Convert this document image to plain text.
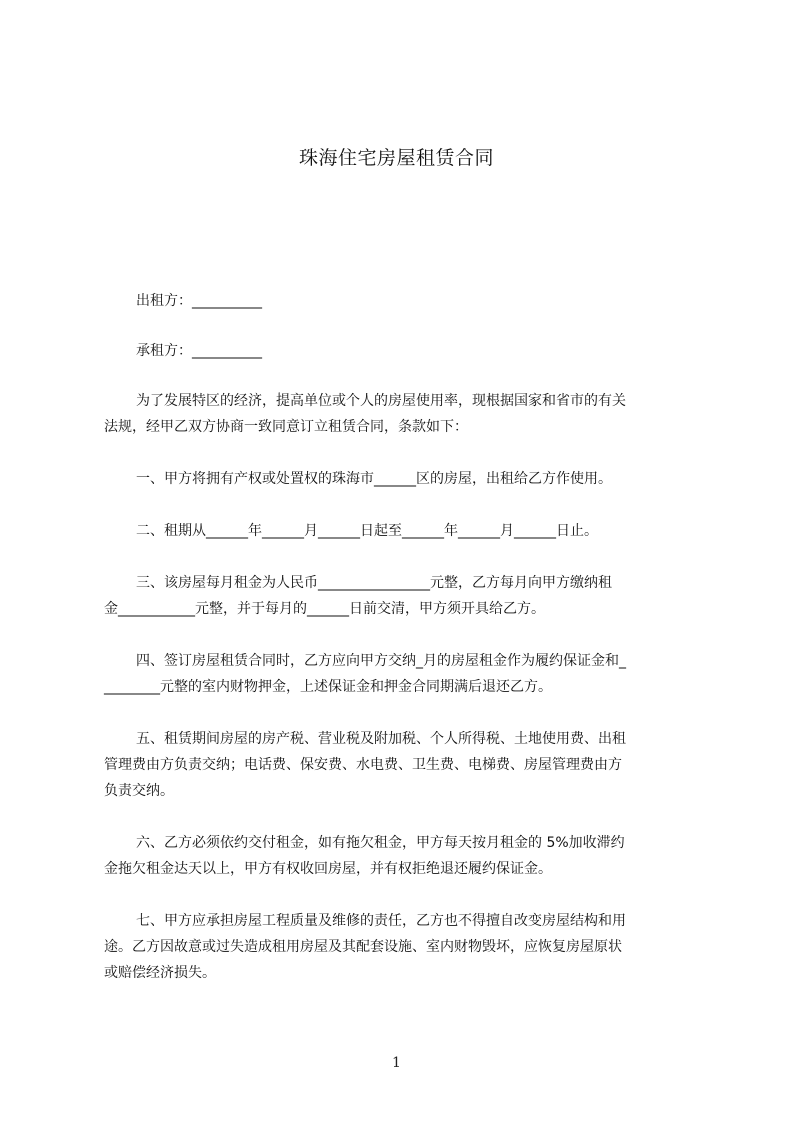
珠海住宅房屋租赁合同

出租方：__________

承租方：__________

为了发展特区的经济，提高单位或个人的房屋使用率，现根据国家和省市的有关

法规，经甲乙双方协商一致同意订立租赁合同，条款如下：

一、甲方将拥有产权或处置权的珠海市______区的房屋，出租给乙方作使用。

二、租期从______年______月______日起至______年______月______日止。

三、该房屋每月租金为人民币________________元整，乙方每月向甲方缴纳租

金___________元整，并于每月的______日前交清，甲方须开具给乙方。

四、签订房屋租赁合同时，乙方应向甲方交纳_月的房屋租金作为履约保证金和_

________元整的室内财物押金，上述保证金和押金合同期满后退还乙方。

五、租赁期间房屋的房产税、营业税及附加税、个人所得税、土地使用费、出租

管理费由方负责交纳；电话费、保安费、水电费、卫生费、电梯费、房屋管理费由方

负责交纳。

六、乙方必须依约交付租金，如有拖欠租金，甲方每天按月租金的 5%加收滞约

金拖欠租金达天以上，甲方有权收回房屋，并有权拒绝退还履约保证金。

七、甲方应承担房屋工程质量及维修的责任，乙方也不得擅自改变房屋结构和用

途。乙方因故意或过失造成租用房屋及其配套设施、室内财物毁坏，应恢复房屋原状

或赔偿经济损失。

1
